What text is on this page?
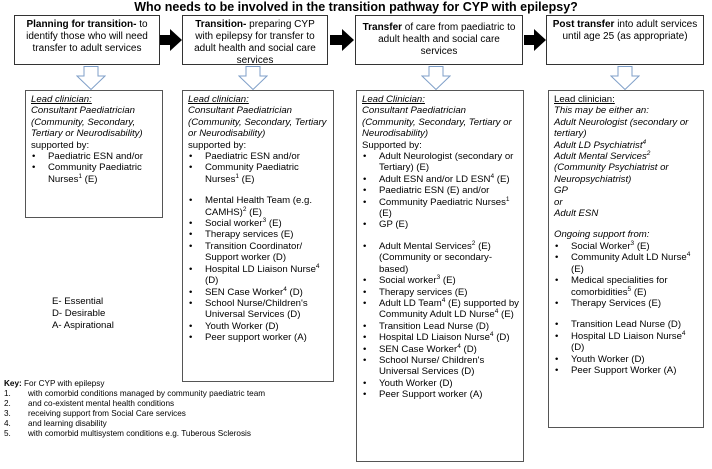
Who needs to be involved in the transition pathway for CYP with epilepsy?
Planning for transition- to identify those who will need transfer to adult services
Transition- preparing CYP with epilepsy for transfer to adult health and social care services
Transfer of care from paediatric to adult health and social care services
Post transfer into adult services until age 25 (as appropriate)
Lead clinician:
Consultant Paediatrician (Community, Secondary, Tertiary or Neurodisability)
supported by:
• Paediatric ESN and/or
• Community Paediatric Nurses$^1$ (E)
Lead clinician:
Consultant Paediatrician (Community, Secondary, Tertiary or Neurodisability)
supported by:
• Paediatric ESN and/or
• Community Paediatric Nurses$^1$ (E)
• Mental Health Team (e.g. CAMHS)$^2$ (E)
• Social worker$^3$ (E)
• Therapy services (E)
• Transition Coordinator/ Support worker (D)
• Hospital LD Liaison Nurse$^4$ (D)
• SEN Case Worker$^4$ (D)
• School Nurse/Children's Universal Services (D)
• Youth Worker (D)
• Peer support worker (A)
Lead Clinician:
Consultant Paediatrician (Community, Secondary, Tertiary or Neurodisability)
Supported by:
• Adult Neurologist (secondary or Tertiary) (E)
• Adult ESN and/or LD ESN$^4$ (E)
• Paediatric ESN (E) and/or
• Community Paediatric Nurses$^1$ (E)
• GP (E)
• Adult Mental Services$^2$ (E) (Community or secondary-based)
• Social worker$^3$ (E)
• Therapy services (E)
• Adult LD Team$^4$ (E) supported by Community Adult LD Nurse$^4$ (E)
• Transition Lead Nurse (D)
• Hospital LD Liaison Nurse$^4$ (D)
• SEN Case Worker$^4$ (D)
• School Nurse/ Children's Universal Services (D)
• Youth Worker (D)
• Peer Support worker (A)
Lead clinician:
This may be either an:
Adult Neurologist (secondary or tertiary)
Adult LD Psychiatrist$^4$
Adult Mental Services$^2$
(Community Psychiatrist or Neuropsychiatrist)
GP
or
Adult ESN
Ongoing support from:
• Social Worker$^3$ (E)
• Community Adult LD Nurse$^4$ (E)
• Medical specialities for comorbidities$^5$ (E)
• Therapy Services (E)
• Transition Lead Nurse (D)
• Hospital LD Liaison Nurse$^4$ (D)
• Youth Worker (D)
• Peer Support Worker (A)
E- Essential
D- Desirable
A- Aspirational
Key: For CYP with epilepsy
1. with comorbid conditions managed by community paediatric team
2. and co-existent mental health conditions
3. receiving support from Social Care services
4. and learning disability
5. with comorbid multisystem conditions e.g. Tuberous Sclerosis
